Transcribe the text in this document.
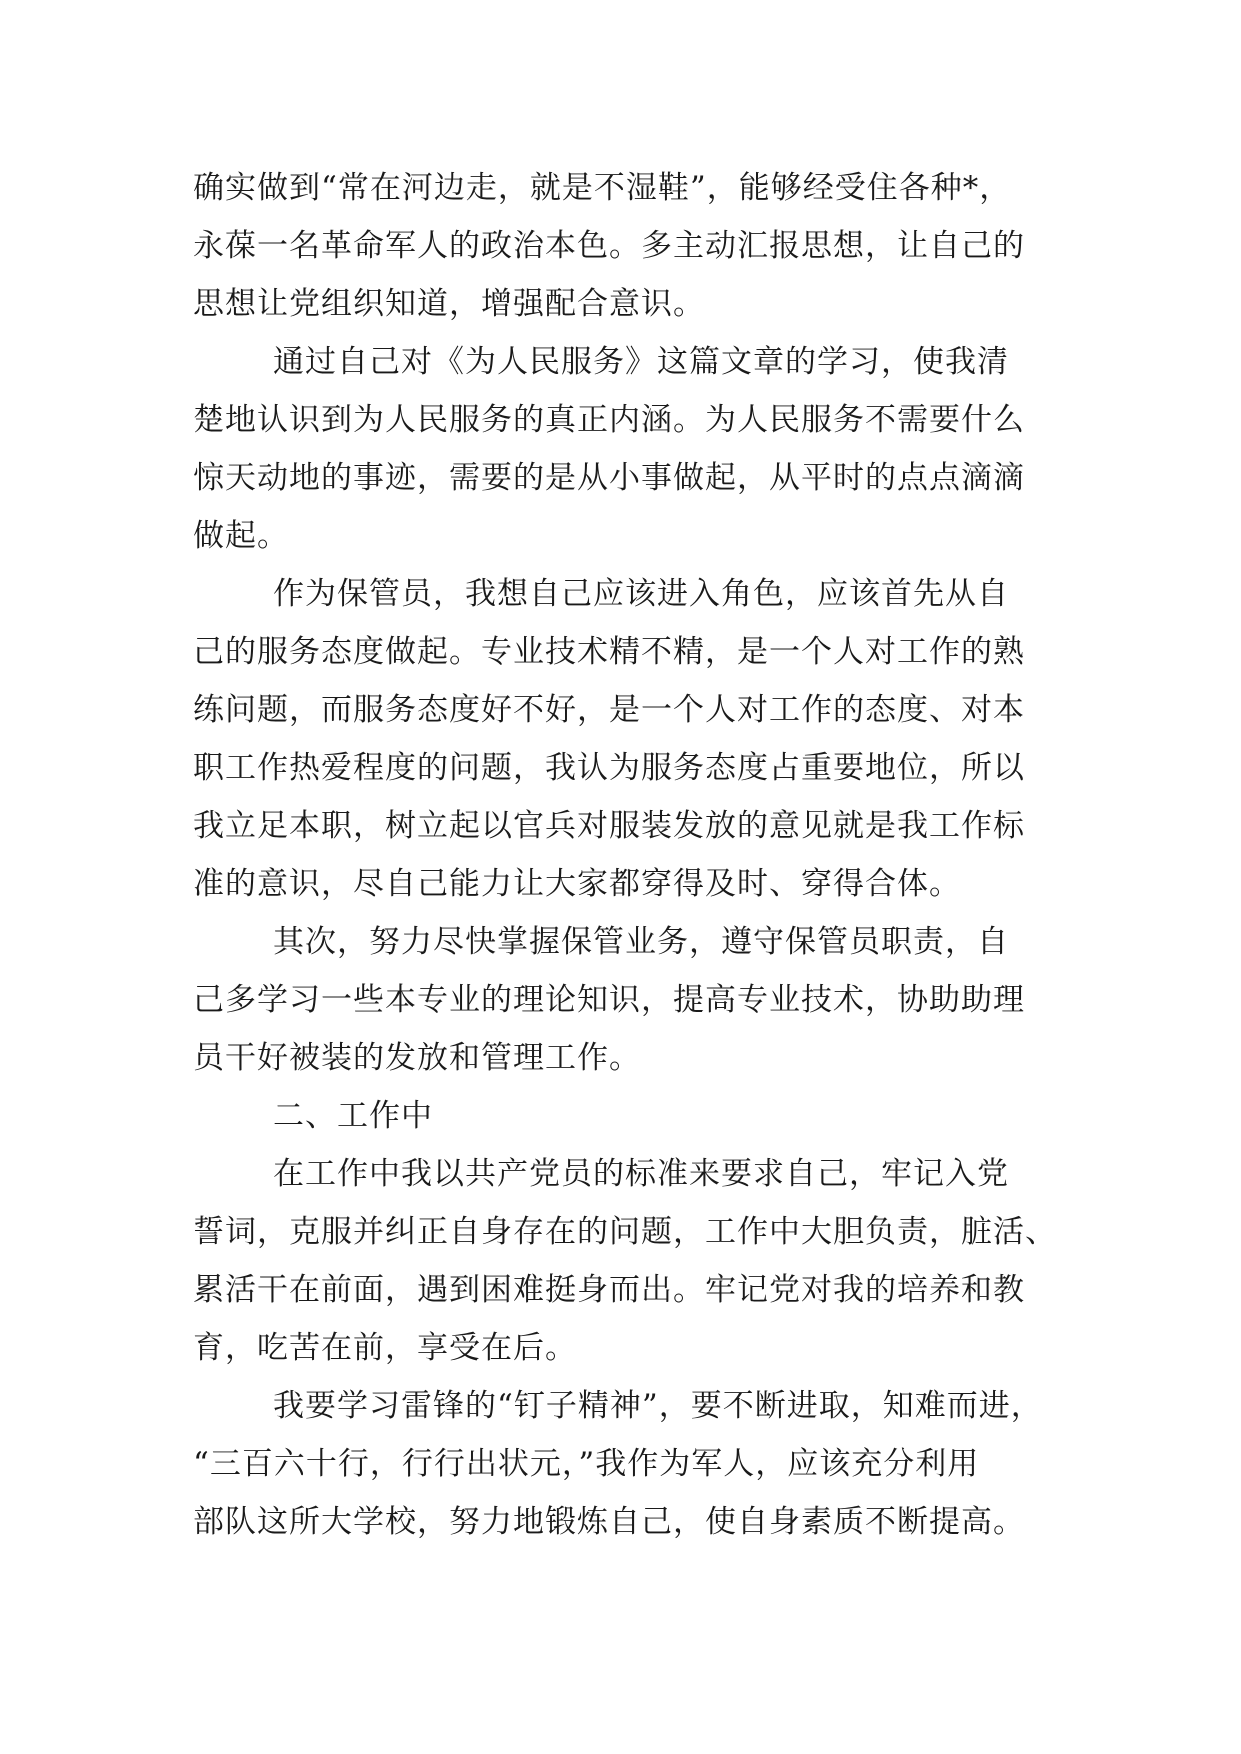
确实做到“常在河边走，就是不湿鞋”，能够经受住各种*，
永葆一名革命军人的政治本色。多主动汇报思想，让自己的
思想让党组织知道，增强配合意识。
通过自己对《为人民服务》这篇文章的学习，使我清
楚地认识到为人民服务的真正内涵。为人民服务不需要什么
惊天动地的事迹，需要的是从小事做起，从平时的点点滴滴
做起。
作为保管员，我想自己应该进入角色，应该首先从自
己的服务态度做起。专业技术精不精，是一个人对工作的熟
练问题，而服务态度好不好，是一个人对工作的态度、对本
职工作热爱程度的问题，我认为服务态度占重要地位，所以
我立足本职，树立起以官兵对服装发放的意见就是我工作标
准的意识，尽自己能力让大家都穿得及时、穿得合体。
其次，努力尽快掌握保管业务，遵守保管员职责，自
己多学习一些本专业的理论知识，提高专业技术，协助助理
员干好被装的发放和管理工作。
二、工作中
在工作中我以共产党员的标准来要求自己，牢记入党
誓词，克服并纠正自身存在的问题，工作中大胆负责，脏活、
累活干在前面，遇到困难挺身而出。牢记党对我的培养和教
育，吃苦在前，享受在后。
我要学习雷锋的“钉子精神”，要不断进取，知难而进，
“三百六十行，行行出状元，”我作为军人，应该充分利用
部队这所大学校，努力地锻炼自己，使自身素质不断提高。
